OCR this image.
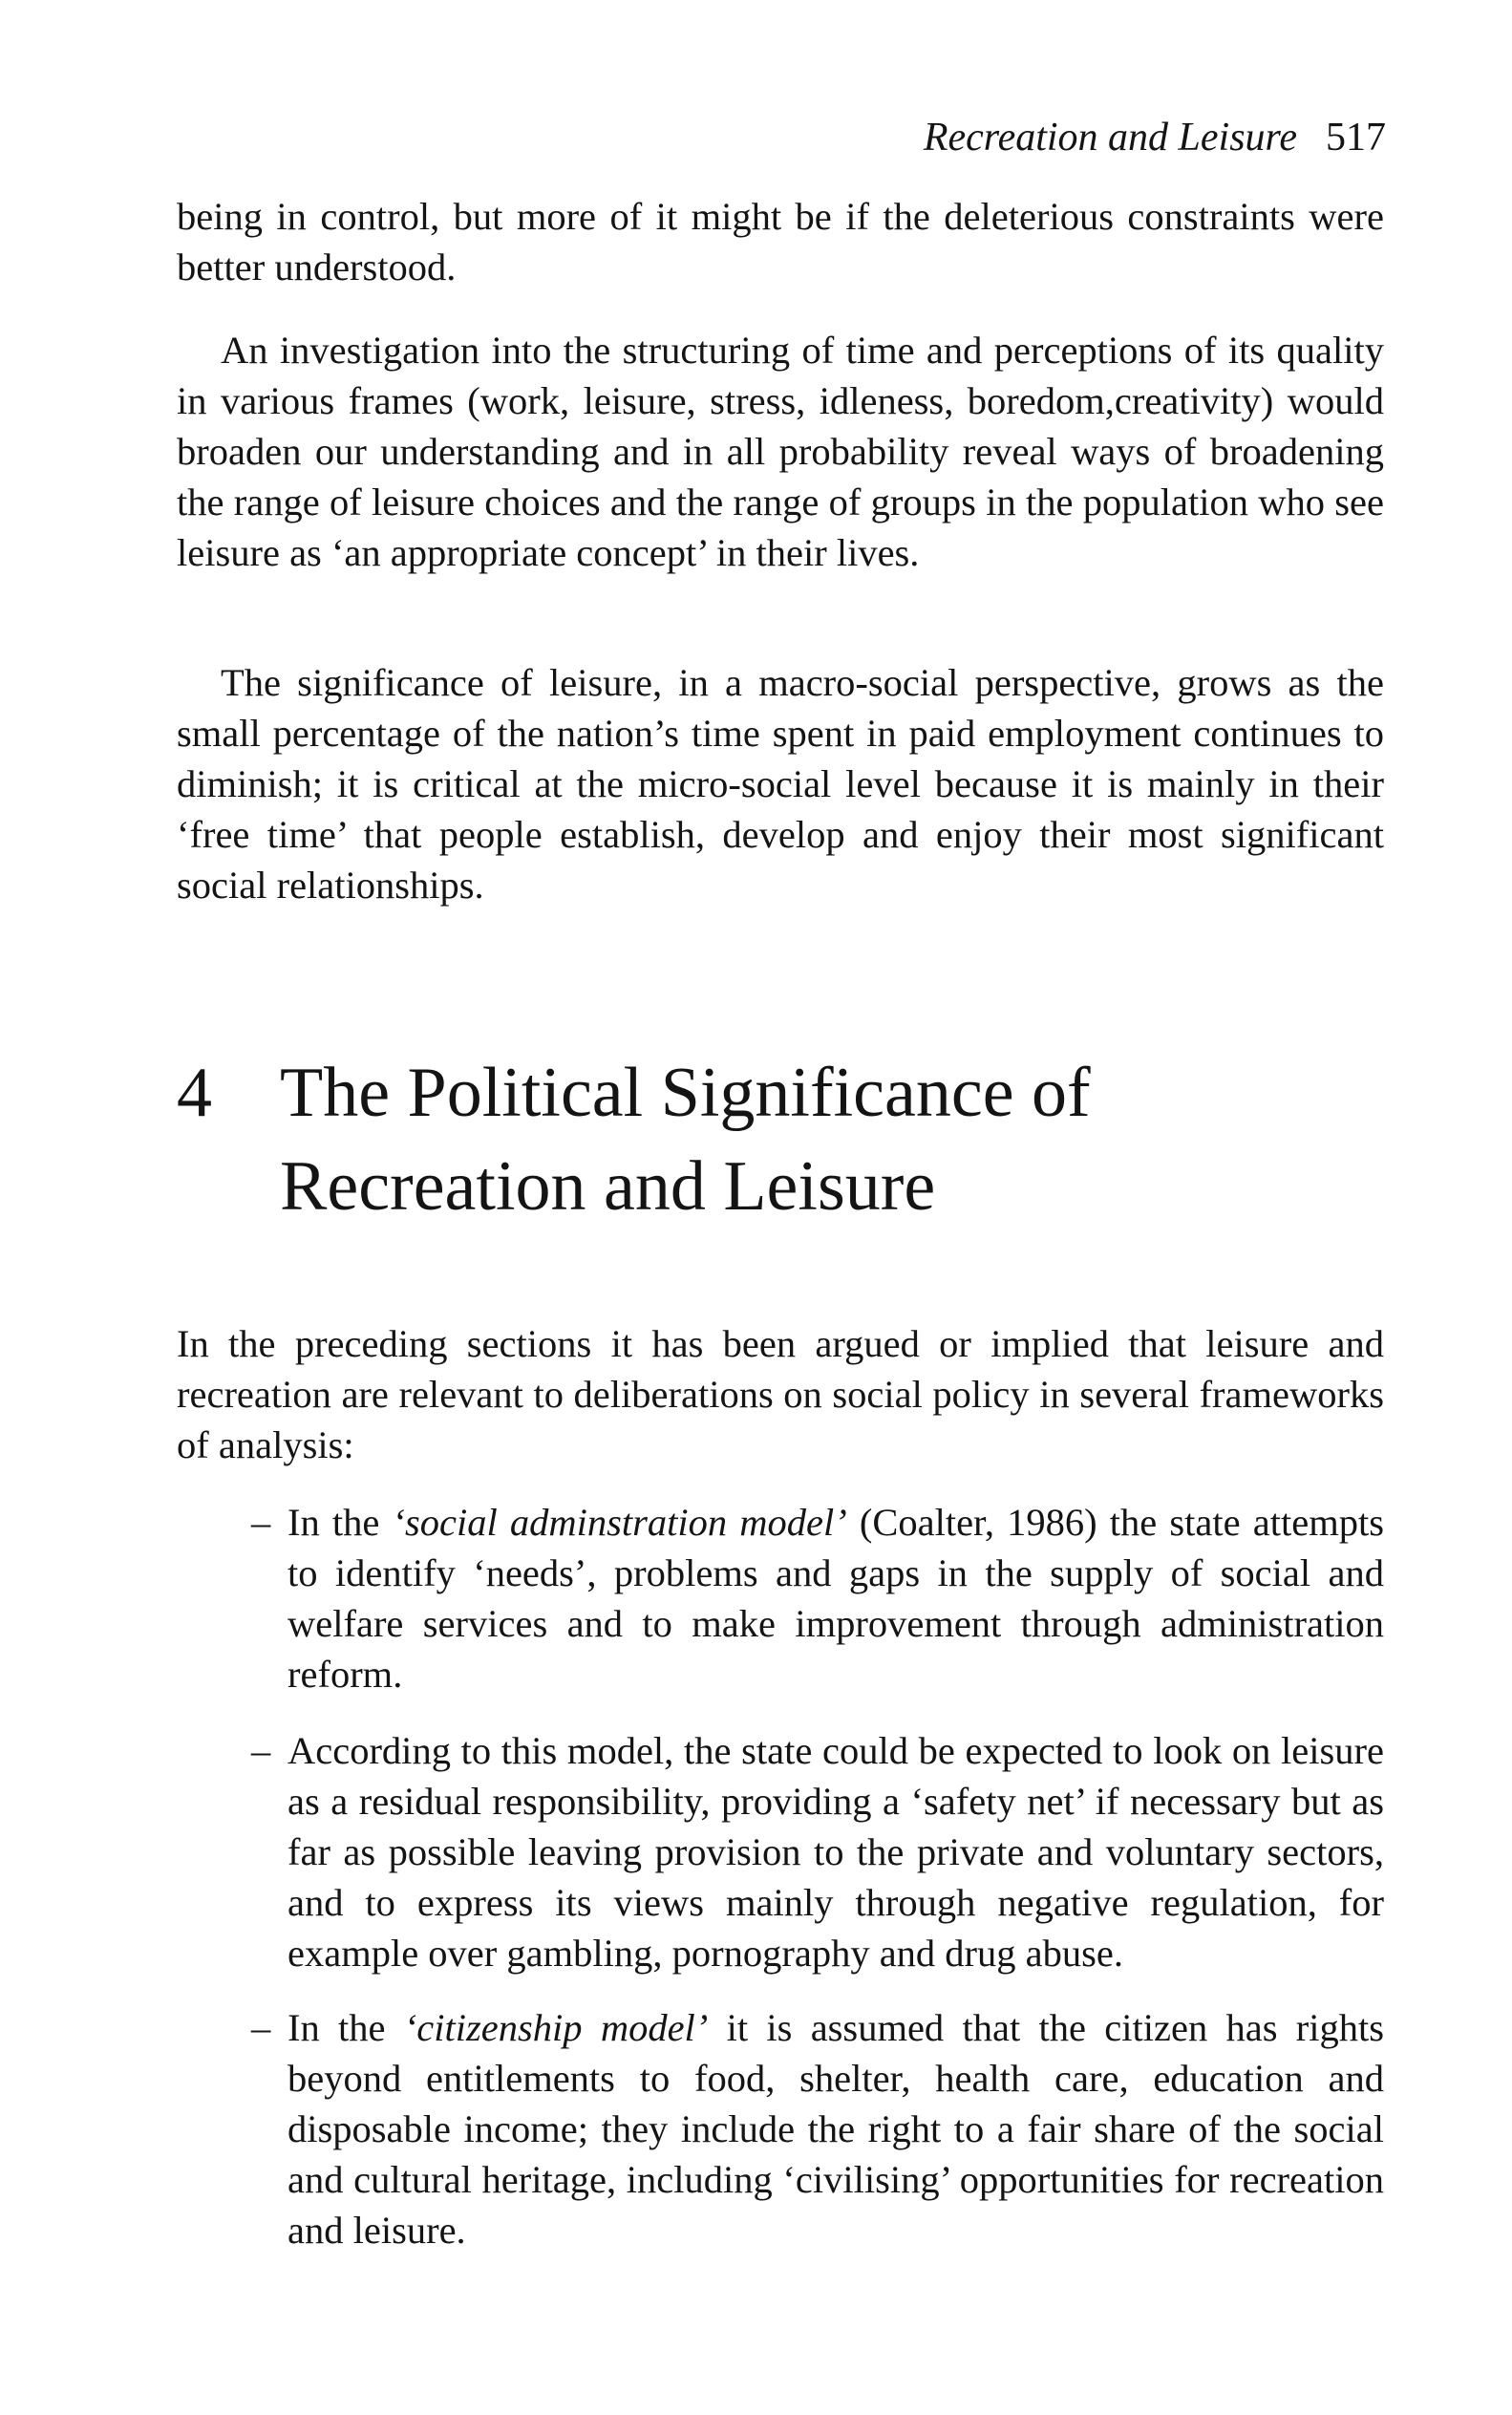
Recreation and Leisure 517

being in control, but more of it might be if the deleterious constraints were better understood.

An investigation into the structuring of time and perceptions of its quality in various frames (work, leisure, stress, idleness, boredom,creativity) would broaden our understanding and in all probability reveal ways of broadening the range of leisure choices and the range of groups in the population who see leisure as ‘an appropriate concept’ in their lives.

The significance of leisure, in a macro-social perspective, grows as the small percentage of the nation’s time spent in paid employment continues to diminish; it is critical at the micro-social level because it is mainly in their ‘free time’ that people establish, develop and enjoy their most significant social relationships.

4 The Political Significance of Recreation and Leisure

In the preceding sections it has been argued or implied that leisure and recreation are relevant to deliberations on social policy in several frameworks of analysis:

– In the ‘social adminstration model’ (Coalter, 1986) the state attempts to identify ‘needs’, problems and gaps in the supply of social and welfare services and to make improvement through administration reform.
– According to this model, the state could be expected to look on leisure as a residual responsibility, providing a ‘safety net’ if necessary but as far as possible leaving provision to the private and voluntary sectors, and to express its views mainly through negative regulation, for example over gambling, pornography and drug abuse.
– In the ‘citizenship model’ it is assumed that the citizen has rights beyond entitlements to food, shelter, health care, education and disposable income; they include the right to a fair share of the social and cultural heritage, including ‘civilising’ opportunities for recreation and leisure.
